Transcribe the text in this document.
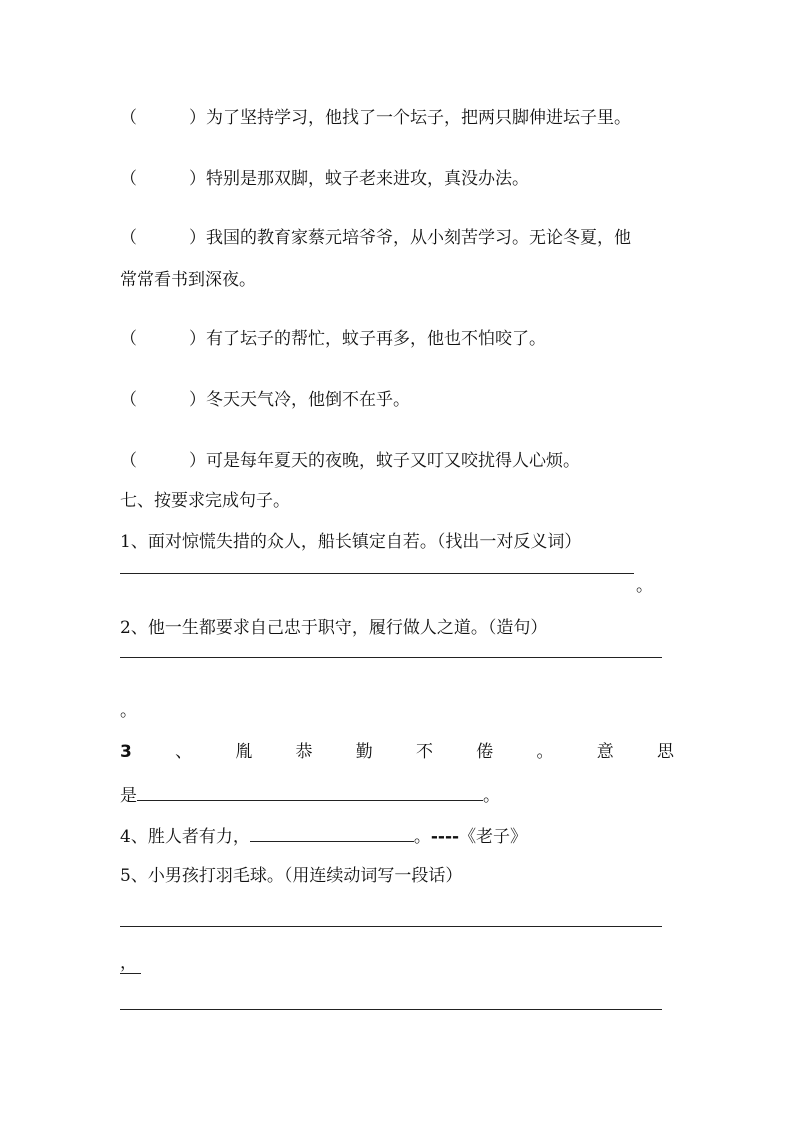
（	） 为了坚持学习，他找了一个坛子，把两只脚伸进坛子里。
（	） 特别是那双脚，蚊子老来进攻，真没办法。
（	） 我国的教育家蔡元培爷爷，从小刻苦学习。无论冬夏，他
常常看书到深夜。
（	） 有了坛子的帮忙，蚊子再多，他也不怕咬了。
（	） 冬天天气冷，他倒不在乎。
（	） 可是每年夏天的夜晚，蚊子又叮又咬扰得人心烦。
七、按要求完成句子。
1、面对惊慌失措的众人，船长镇定自若。（找出一对反义词）
。
2、他一生都要求自己忠于职守，履行做人之道。（造句）
。
3	、	胤	恭	勤	不	倦	。	意	思
是	。
4、胜人者有力，	。----《老子》
5、小男孩打羽毛球。（用连续动词写一段话）
，
